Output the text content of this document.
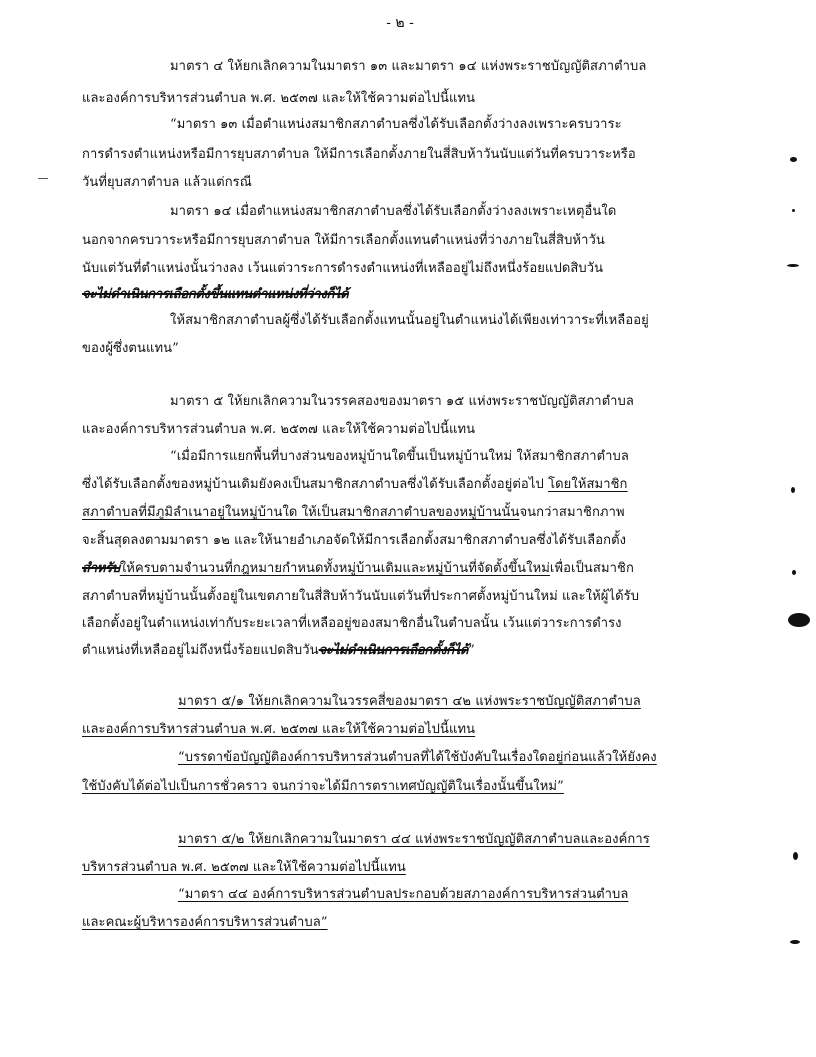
- ๒ -
มาตรา ๔ ให้ยกเลิกความในมาตรา ๑๓ และมาตรา ๑๔ แห่งพระราชบัญญัติสภาตำบล
และองค์การบริหารส่วนตำบล พ.ศ. ๒๕๓๗ และให้ใช้ความต่อไปนี้แทน
“มาตรา ๑๓ เมื่อตำแหน่งสมาชิกสภาตำบลซึ่งได้รับเลือกตั้งว่างลงเพราะครบวาระ
การดำรงตำแหน่งหรือมีการยุบสภาตำบล ให้มีการเลือกตั้งภายในสี่สิบห้าวันนับแต่วันที่ครบวาระหรือ
วันที่ยุบสภาตำบล แล้วแต่กรณี
มาตรา ๑๔ เมื่อตำแหน่งสมาชิกสภาตำบลซึ่งได้รับเลือกตั้งว่างลงเพราะเหตุอื่นใด
นอกจากครบวาระหรือมีการยุบสภาตำบล ให้มีการเลือกตั้งแทนตำแหน่งที่ว่างภายในสี่สิบห้าวัน
นับแต่วันที่ตำแหน่งนั้นว่างลง เว้นแต่วาระการดำรงตำแหน่งที่เหลืออยู่ไม่ถึงหนึ่งร้อยแปดสิบวัน
จะไม่ดำเนินการเลือกตั้งขึ้นแทนตำแหน่งที่ว่างก็ได้
ให้สมาชิกสภาตำบลผู้ซึ่งได้รับเลือกตั้งแทนนั้นอยู่ในตำแหน่งได้เพียงเท่าวาระที่เหลืออยู่
ของผู้ซึ่งตนแทน”
มาตรา ๕ ให้ยกเลิกความในวรรคสองของมาตรา ๑๕ แห่งพระราชบัญญัติสภาตำบล
และองค์การบริหารส่วนตำบล พ.ศ. ๒๕๓๗ และให้ใช้ความต่อไปนี้แทน
“เมื่อมีการแยกพื้นที่บางส่วนของหมู่บ้านใดขึ้นเป็นหมู่บ้านใหม่ ให้สมาชิกสภาตำบล
ซึ่งได้รับเลือกตั้งของหมู่บ้านเดิมยังคงเป็นสมาชิกสภาตำบลซึ่งได้รับเลือกตั้งอยู่ต่อไป โดยให้สมาชิก
สภาตำบลที่มีภูมิลำเนาอยู่ในหมู่บ้านใด ให้เป็นสมาชิกสภาตำบลของหมู่บ้านนั้นจนกว่าสมาชิกภาพ
จะสิ้นสุดลงตามมาตรา ๑๒ และให้นายอำเภอจัดให้มีการเลือกตั้งสมาชิกสภาตำบลซึ่งได้รับเลือกตั้ง
สำหรับให้ครบตามจำนวนที่กฎหมายกำหนดทั้งหมู่บ้านเดิมและหมู่บ้านที่จัดตั้งขึ้นใหม่เพื่อเป็นสมาชิก
สภาตำบลที่หมู่บ้านนั้นตั้งอยู่ในเขตภายในสี่สิบห้าวันนับแต่วันที่ประกาศตั้งหมู่บ้านใหม่ และให้ผู้ได้รับ
เลือกตั้งอยู่ในตำแหน่งเท่ากับระยะเวลาที่เหลืออยู่ของสมาชิกอื่นในตำบลนั้น เว้นแต่วาระการดำรง
ตำแหน่งที่เหลืออยู่ไม่ถึงหนึ่งร้อยแปดสิบวันจะไม่ดำเนินการเลือกตั้งก็ได้”
มาตรา ๕/๑ ให้ยกเลิกความในวรรคสี่ของมาตรา ๔๒ แห่งพระราชบัญญัติสภาตำบล
และองค์การบริหารส่วนตำบล พ.ศ. ๒๕๓๗ และให้ใช้ความต่อไปนี้แทน
“บรรดาข้อบัญญัติองค์การบริหารส่วนตำบลที่ได้ใช้บังคับในเรื่องใดอยู่ก่อนแล้วให้ยังคง
ใช้บังคับได้ต่อไปเป็นการชั่วคราว จนกว่าจะได้มีการตราเทศบัญญัติในเรื่องนั้นขึ้นใหม่”
มาตรา ๕/๒ ให้ยกเลิกความในมาตรา ๔๔ แห่งพระราชบัญญัติสภาตำบลและองค์การ
บริหารส่วนตำบล พ.ศ. ๒๕๓๗ และให้ใช้ความต่อไปนี้แทน
“มาตรา ๔๔ องค์การบริหารส่วนตำบลประกอบด้วยสภาองค์การบริหารส่วนตำบล
และคณะผู้บริหารองค์การบริหารส่วนตำบล”
